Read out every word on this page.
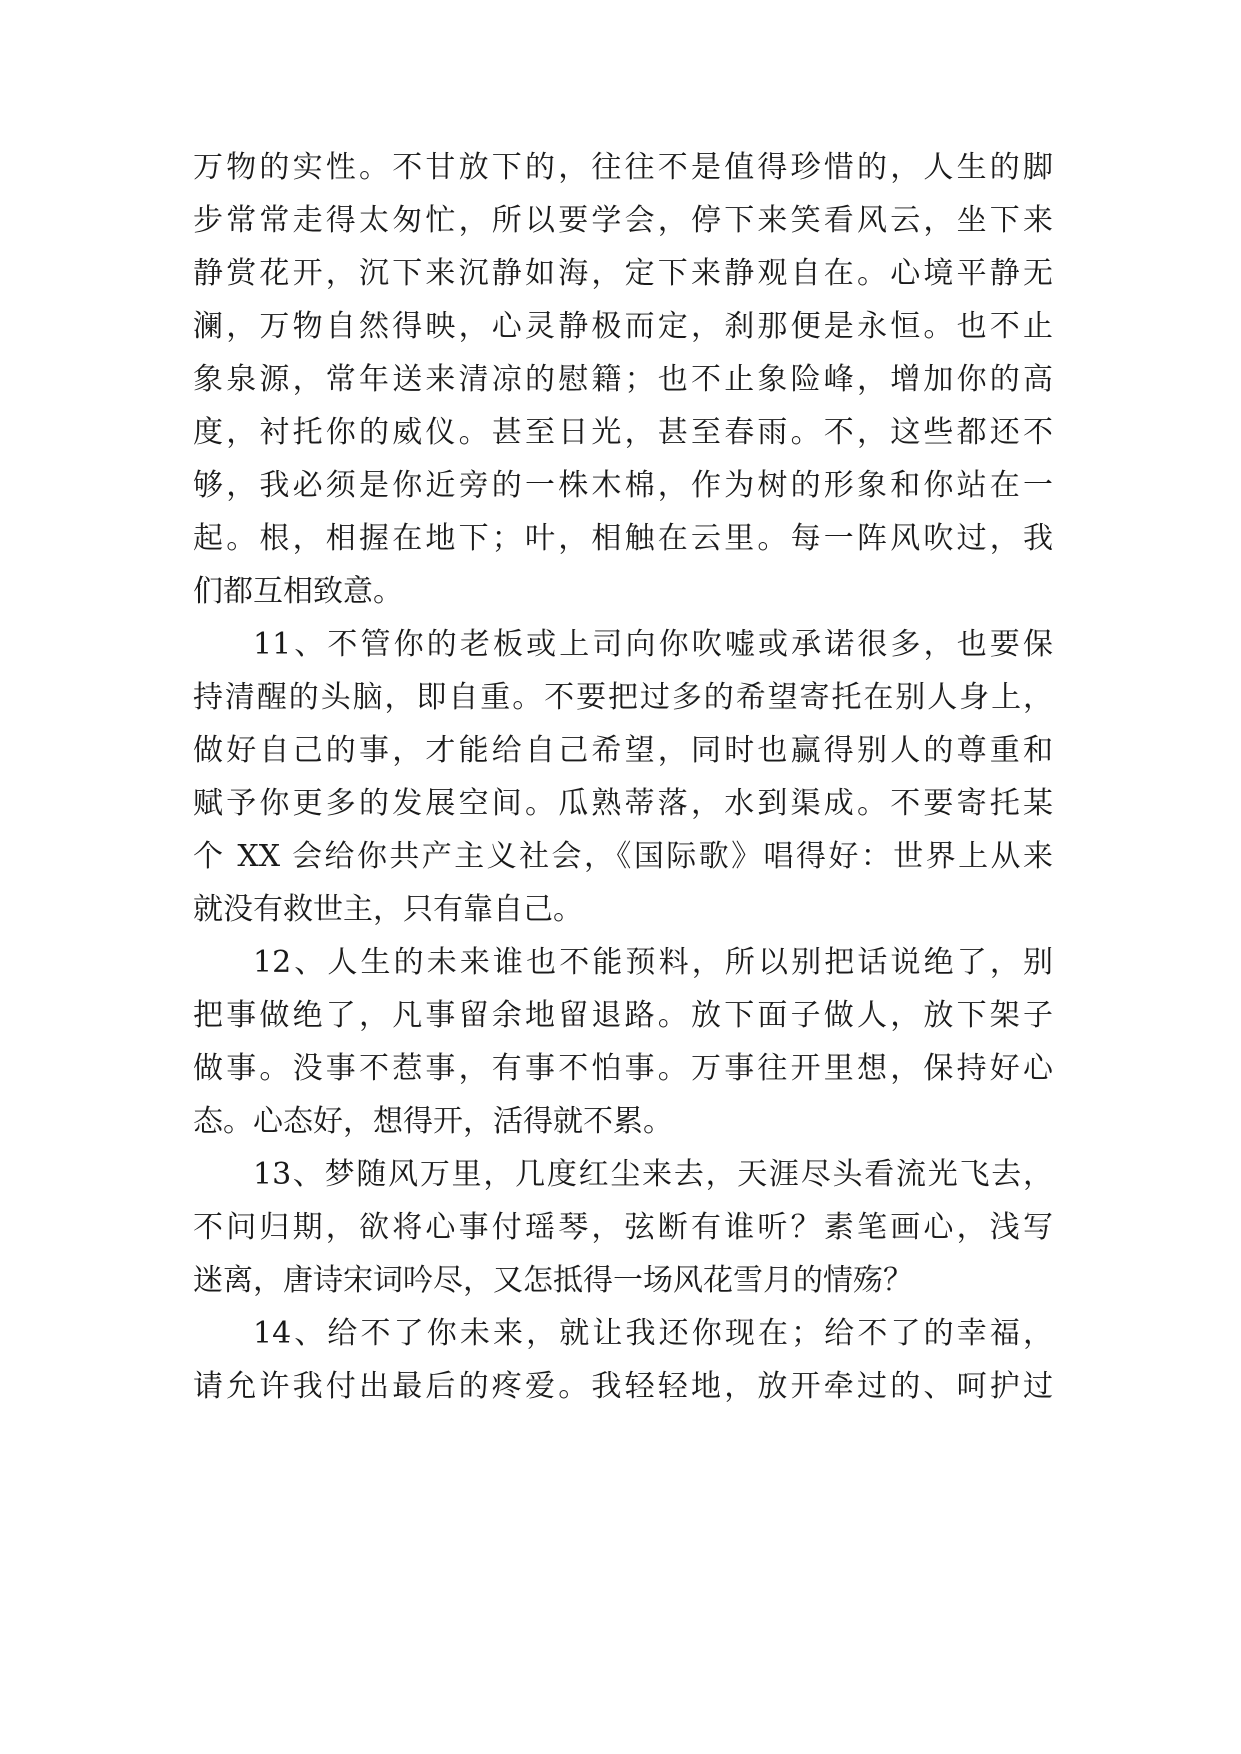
万物的实性。不甘放下的，往往不是值得珍惜的，人生的脚
步常常走得太匆忙，所以要学会，停下来笑看风云，坐下来
静赏花开，沉下来沉静如海，定下来静观自在。心境平静无
澜，万物自然得映，心灵静极而定，刹那便是永恒。也不止
象泉源，常年送来清凉的慰籍；也不止象险峰，增加你的高
度，衬托你的威仪。甚至日光，甚至春雨。不，这些都还不
够，我必须是你近旁的一株木棉，作为树的形象和你站在一
起。根，相握在地下；叶，相触在云里。每一阵风吹过，我
们都互相致意。
11、不管你的老板或上司向你吹嘘或承诺很多，也要保
持清醒的头脑，即自重。不要把过多的希望寄托在别人身上，
做好自己的事，才能给自己希望，同时也赢得别人的尊重和
赋予你更多的发展空间。瓜熟蒂落，水到渠成。不要寄托某
个 XX 会给你共产主义社会，《国际歌》唱得好：世界上从来
就没有救世主，只有靠自己。
12、人生的未来谁也不能预料，所以别把话说绝了，别
把事做绝了，凡事留余地留退路。放下面子做人，放下架子
做事。没事不惹事，有事不怕事。万事往开里想，保持好心
态。心态好，想得开，活得就不累。
13、梦随风万里，几度红尘来去，天涯尽头看流光飞去，
不问归期，欲将心事付瑶琴，弦断有谁听？素笔画心，浅写
迷离，唐诗宋词吟尽，又怎抵得一场风花雪月的情殇？
14、给不了你未来，就让我还你现在；给不了的幸福，
请允许我付出最后的疼爱。我轻轻地，放开牵过的、呵护过
